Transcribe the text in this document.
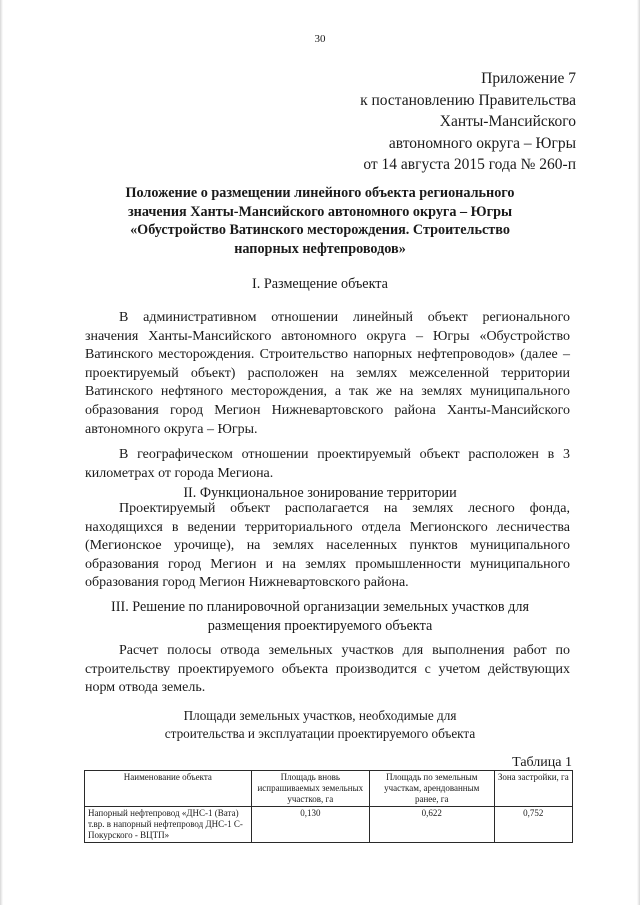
30
Приложение 7
к постановлению Правительства
Ханты-Мансийского
автономного округа – Югры
от 14 августа 2015 года № 260-п
Положение о размещении линейного объекта регионального
значения Ханты-Мансийского автономного округа – Югры
«Обустройство Ватинского месторождения. Строительство
напорных нефтепроводов»
I. Размещение объекта

В административном отношении линейный объект регионального значения Ханты-Мансийского автономного округа – Югры «Обустройство Ватинского месторождения. Строительство напорных нефтепроводов» (далее – проектируемый объект) расположен на землях межселенной территории Ватинского нефтяного месторождения, а так же на землях муниципального образования город Мегион Нижневартовского района Ханты-Мансийского автономного округа – Югры.

В географическом отношении проектируемый объект расположен в 3 километрах от города Мегиона.

II. Функциональное зонирование территории

Проектируемый объект располагается на землях лесного фонда, находящихся в ведении территориального отдела Мегионского лесничества (Мегионское урочище), на землях населенных пунктов муниципального образования город Мегион и на землях промышленности муниципального образования город Мегион Нижневартовского района.

III. Решение по планировочной организации земельных участков для
размещения проектируемого объекта

Расчет полосы отвода земельных участков для выполнения работ по строительству проектируемого объекта производится с учетом действующих норм отвода земель.

Площади земельных участков, необходимые для
строительства и эксплуатации проектируемого объекта
Таблица 1
Наименование объекта	Площадь вновь испрашиваемых земельных участков, га	Площадь по земельным участкам, арендованным ранее, га	Зона застройки, га
Напорный нефтепровод «ДНС-1 (Вата) т.вр. в напорный нефтепровод ДНС-1 С-Покурского - ВЦТП»	0,130	0,622	0,752
